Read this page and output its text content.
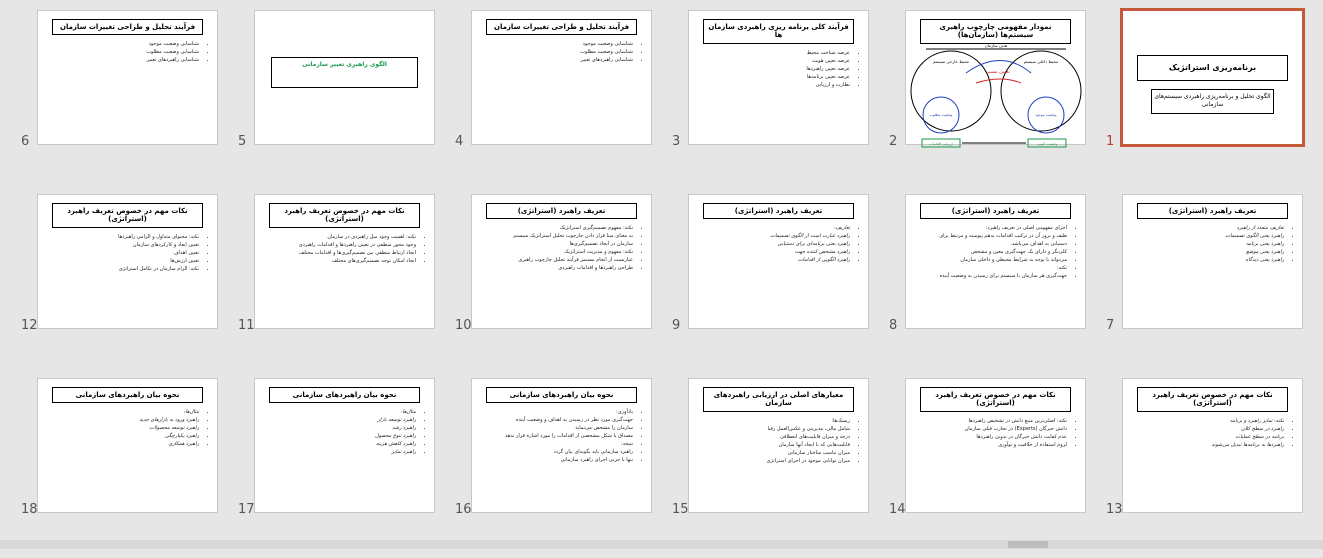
برنامه‌ریزی استراتژیک
الگوی تحلیل و برنامه‌ریزی راهبردی سیستم‌های سازمانی
1
نمودار مفهومی چارچوب راهبری سیستم‌ها (سازمان‌ها)
هدف سازمان
محیط خارجی سیستم	محیط داخلی سیستم
تعیین مسیر
وضعیت مطلوب	وضعیت موجود
ارزیابی اقدامات	وضعیت کنونی
2
فرآیند کلی برنامه ریزی راهبردی سازمان ها
• عرصه شناخت محیط
• عرصه تعیین هویت
• عرصه تعیین راهبردها
• عرصه تعیین برنامه‌ها
• نظارت و ارزیابی
3
فرآیند تحلیل و طراحی تغییرات سازمان
• شناسایی وضعیت موجود
• شناسایی وضعیت مطلوب
• شناسایی راهبردهای تغییر
4
الگوی راهبری تغییر سازمانی
5
فرآیند تحلیل و طراحی تغییرات سازمان
• شناسایی وضعیت موجود
• شناسایی وضعیت مطلوب
• شناسایی راهبردهای تغییر
6
تعریف راهبرد (استراتژی)
• تعاریف متعدد از راهبرد
• راهبرد یعنی الگوی تصمیمات
• راهبرد یعنی برنامه
• راهبرد یعنی موضع
• راهبرد یعنی دیدگاه
7
تعریف راهبرد (استراتژی)
• اجزای مفهومی اصلی در تعریف راهبرد:
• طیف و بروز آن در ترکیب اقدامات به‌هم پیوسته و مرتبط برای
• دستیابی به اهداف می‌باشد.
• کلی‌نگر و دارای یک جهت‌گیری معین و مشخص
• می‌تواند با توجه به شرایط محیطی و داخلی سازمان
• نکته:
• جهت‌گیری هر سازمان با سیستم برای رسیدن به وضعیت آینده
8
تعریف راهبرد (استراتژی)
• تعاریف:
• راهبرد عبارت است از الگوی تصمیمات
• راهبرد یعنی برنامه‌ای برای دستیابی
• راهبرد مشخص کننده جهت
• راهبرد الگویی از اقدامات
9
تعریف راهبرد (استراتژی)
• نکته: مفهوم تصمیم‌گیری استراتژیک
• به معنای مبنا قرار دادن چارچوب تحلیل استراتژیک سیستم
• سازمان در ایجاد تصمیم‌گیری‌ها
• نکته: مفهوم و مدیریت استراتژیک
• عبارتست از انجام مستمر فرآیند تحلیل چارچوب راهبری
• طراحی راهبردها و اقدامات راهبردی
10
نکات مهم در خصوص تعریف راهبرد (استراتژی)
• نکته: اهمیت وجود میل راهبردی در سازمان
• وجود محور منطقی در تعیین راهبردها و اقدامات راهبردی
• ایجاد ارتباط منطقی بین تصمیم‌گیری‌ها و اقدامات مختلف
• ایجاد امکان توجه تصمیم‌گیری‌های مختلف
11
نکات مهم در خصوص تعریف راهبرد (استراتژی)
• نکته: محتوای متداول و الزامی راهبردها
• تعیین ابعاد و کارکردهای سازمان
• تعیین اهداف
• تعیین ارزش‌ها
• نکته: الزام سازمان در تکامل استراتژی
12
نکات مهم در خصوص تعریف راهبرد (استراتژی)
• نکته: تمایز راهبرد و برنامه
• راهبرد در سطح کلان
• برنامه در سطح عملیات
• راهبردها به برنامه‌ها تبدیل می‌شوند
13
نکات مهم در خصوص تعریف راهبرد (استراتژی)
• نکته: اصلی‌ترین منبع دانش در تشخیص راهبردها
• دانش خبرگان (Experts) در تجارب قبلی سازمان
• عدم کفایت دانش خبرگان در تدوین راهبردها
• لزوم استفاده از خلاقیت و نوآوری
14
معیارهای اصلی در ارزیابی راهبردهای سازمان
• ریسک‌ها:
• شامل مالی، مدیریتی و عکس‌العمل رقبا
• درجه و میزان قابلیت‌های انعطافی
• قابلیت‌هایی که با ایجاد آنها سازمان
• میزان تناسب ساختار سازمانی
• میزان توانایی موجود در اجرای استراتژی
15
نحوه بیان راهبردهای سازمانی
• یادآوری:
• جهت‌گیری مورد نظر در رسیدن به اهداف و وضعیت آینده
• سازمان را مشخص می‌نماید
• مصداق یا شکل مشخصی از اقدامات را مورد اشاره قرار ندهد
• نتیجه:
• راهبرد سازمانی باید بگونه‌ای بیان گردد
• تنها با جزیی اجرای راهبرد سازمانی
16
نحوه بیان راهبردهای سازمانی
• مثال‌ها:
• راهبرد توسعه بازار
• راهبرد رشد
• راهبرد تنوع محصول
• راهبرد کاهش هزینه
• راهبرد تمایز
17
نحوه بیان راهبردهای سازمانی
• مثال‌ها:
• راهبرد ورود به بازارهای جدید
• راهبرد توسعه محصولات
• راهبرد یکپارچگی
• راهبرد همکاری
18
